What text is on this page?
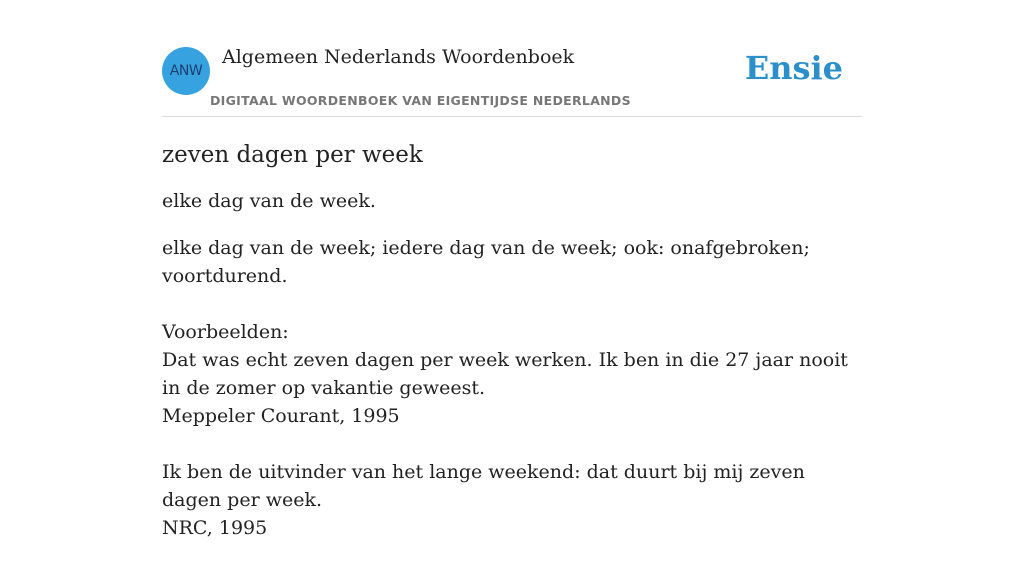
ANW
Algemeen Nederlands Woordenboek
DIGITAAL WOORDENBOEK VAN EIGENTIJDSE NEDERLANDS
Ensie
zeven dagen per week

elke dag van de week.

elke dag van de week; iedere dag van de week; ook: onafgebroken; voortdurend.

Voorbeelden:

Dat was echt zeven dagen per week werken. Ik ben in die 27 jaar nooit in de zomer op vakantie geweest.

Meppeler Courant, 1995

Ik ben de uitvinder van het lange weekend: dat duurt bij mij zeven dagen per week.

NRC, 1995
